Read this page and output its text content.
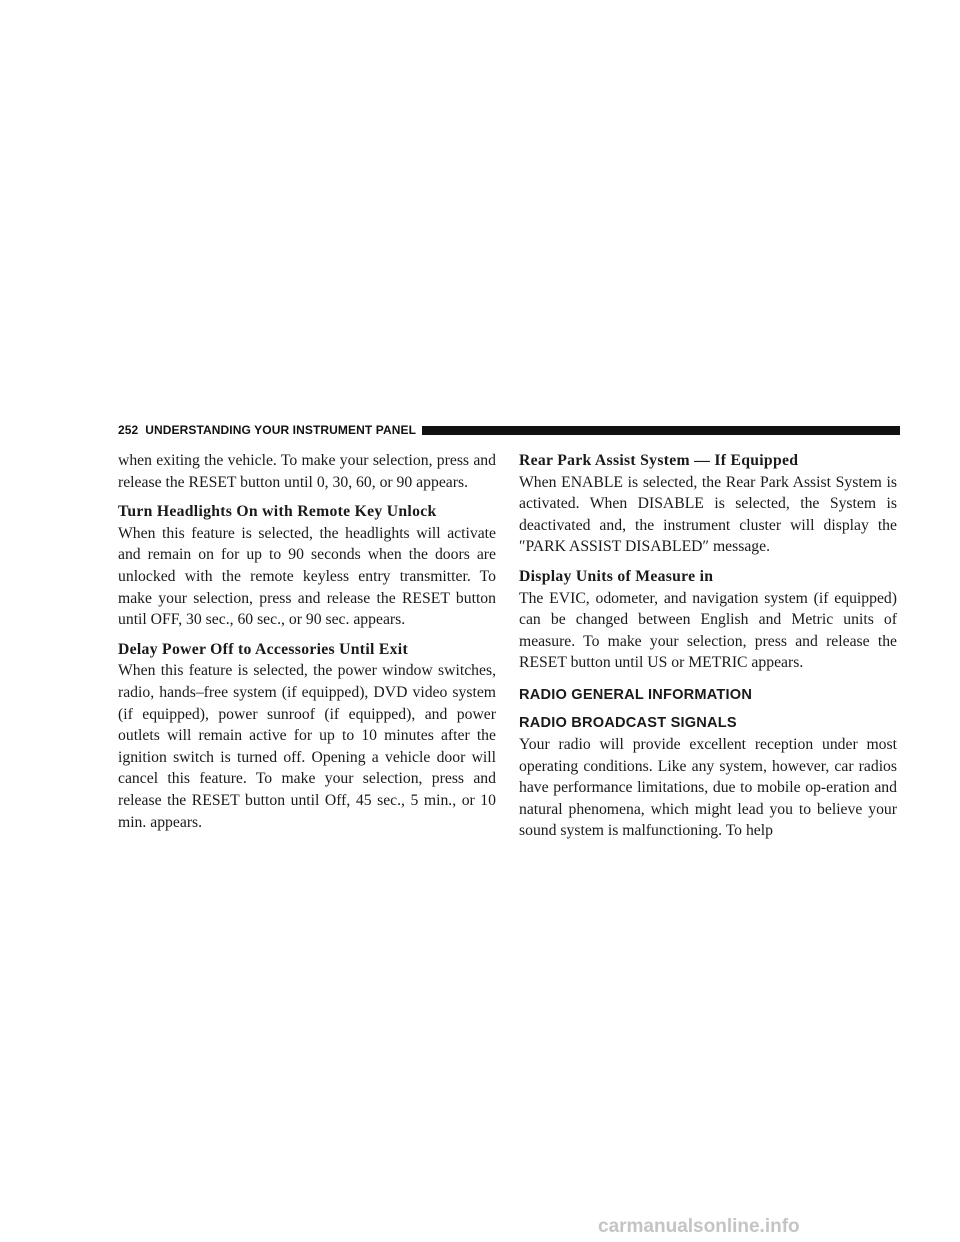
252 UNDERSTANDING YOUR INSTRUMENT PANEL

when exiting the vehicle. To make your selection, press and release the RESET button until 0, 30, 60, or 90 appears.

Turn Headlights On with Remote Key Unlock

When this feature is selected, the headlights will activate and remain on for up to 90 seconds when the doors are unlocked with the remote keyless entry transmitter. To make your selection, press and release the RESET button until OFF, 30 sec., 60 sec., or 90 sec. appears.

Delay Power Off to Accessories Until Exit

When this feature is selected, the power window switches, radio, hands–free system (if equipped), DVD video system (if equipped), power sunroof (if equipped), and power outlets will remain active for up to 10 minutes after the ignition switch is turned off. Opening a vehicle door will cancel this feature. To make your selection, press and release the RESET button until Off, 45 sec., 5 min., or 10 min. appears.

Rear Park Assist System — If Equipped

When ENABLE is selected, the Rear Park Assist System is activated. When DISABLE is selected, the System is deactivated and, the instrument cluster will display the ″PARK ASSIST DISABLED″ message.

Display Units of Measure in

The EVIC, odometer, and navigation system (if equipped) can be changed between English and Metric units of measure. To make your selection, press and release the RESET button until US or METRIC appears.

RADIO GENERAL INFORMATION
RADIO BROADCAST SIGNALS

Your radio will provide excellent reception under most operating conditions. Like any system, however, car radios have performance limitations, due to mobile op-eration and natural phenomena, which might lead you to believe your sound system is malfunctioning. To help

carmanualsonline.info
